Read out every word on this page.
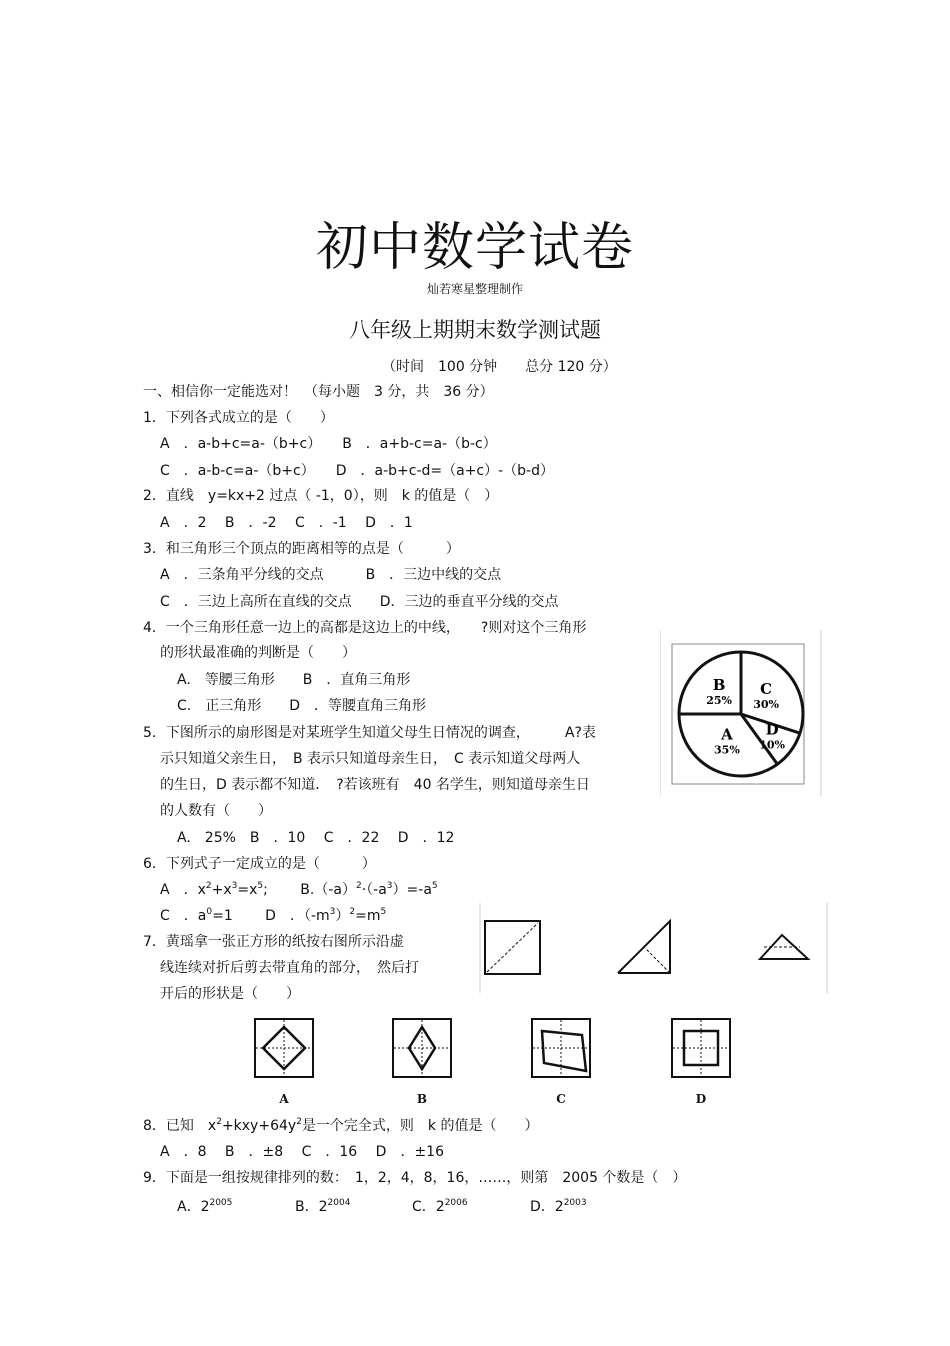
初中数学试卷
灿若寒星整理制作
八年级上期期末数学测试题
（时间　100 分钟　　总分 120 分）
一、相信你一定能选对！　（每小题　3 分，共　36 分）
1．下列各式成立的是（　　）
A　．a-b+c=a-（b+c）　　B　．a+b-c=a-（b-c）
C　．a-b-c=a-（b+c）　　D　．a-b+c-d=（a+c）-（b-d）
2．直线　y=kx+2 过点（ -1，0），则　k 的值是（　）
A　．2　 B　．-2　 C　．-1　 D　．1
3．和三角形三个顶点的距离相等的点是（　　　）
A　．三条角平分线的交点　　　B　．三边中线的交点
C　．三边上高所在直线的交点　　D．三边的垂直平分线的交点
4．一个三角形任意一边上的高都是这边上的中线，　　?则对这个三角形
的形状最准确的判断是（　　）
A.　等腰三角形　　B　．直角三角形
C.　正三角形　　D　．等腰直角三角形
C
30%
D
10%
A
35%
B
25%
5．下图所示的扇形图是对某班学生知道父母生日情况的调查，　　　A?表
示只知道父亲生日，　B 表示只知道母亲生日，　C 表示知道父母两人
的生日，D 表示都不知道．　?若该班有　40 名学生，则知道母亲生日
的人数有（　　）
A.　25%　B　．10　 C　．22　 D　．12
6．下列式子一定成立的是（　　　）
A　．$x^2+x^3=x^5$;　　 $B.(-a)^2\cdot(-a^3)=-a^5$
C　．$a^0=1$　　 D　．$(-m^3)^2=m^5$
7．黄瑶拿一张正方形的纸按右图所示沿虚
线连续对折后剪去带直角的部分，　然后打
开后的形状是（　　）
A	B	C	D
8．已知　$x^2+kxy+64y^2$是一个完全式，则　k 的值是（　　）
A　．8　 B　．±8　 C　．16　 D　．±16
9．下面是一组按规律排列的数：　1，2，4，8，16，……，则第　2005 个数是（　）
A．$2^{2005}$	B．$2^{2004}$	C．$2^{2006}$	D．$2^{2003}$
